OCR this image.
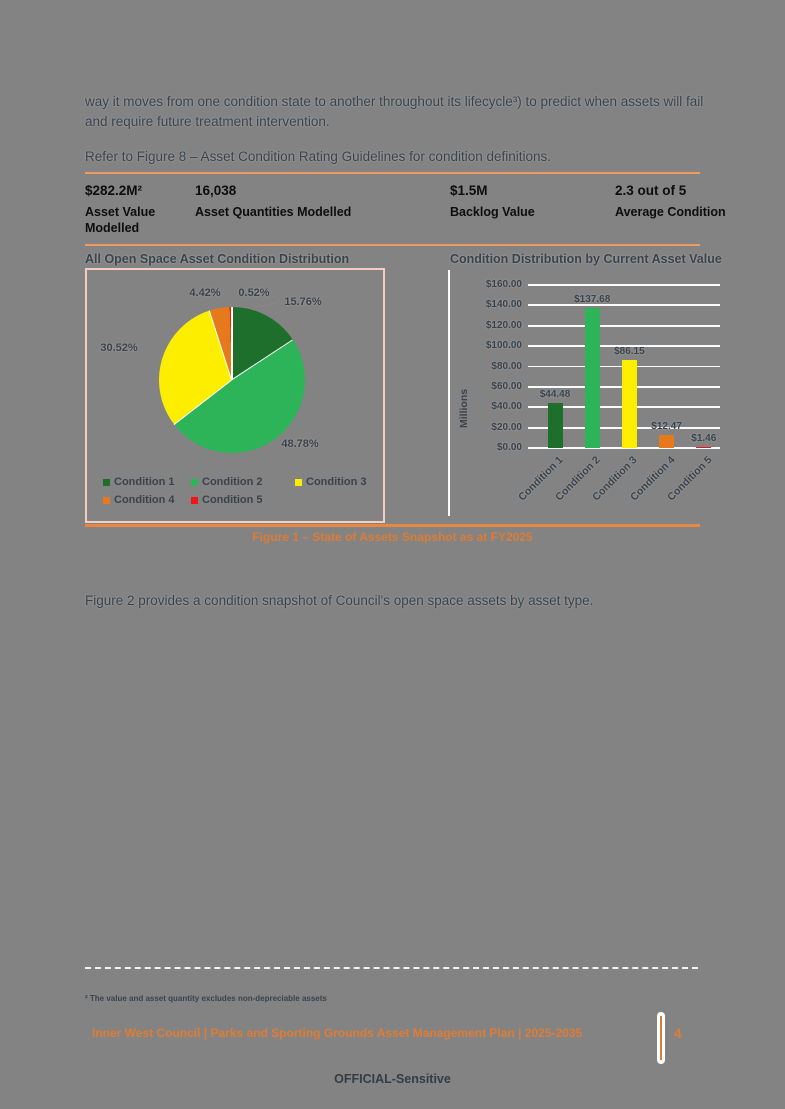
way it moves from one condition state to another throughout its lifecycle³) to predict when assets will fail and require future treatment intervention.

Refer to Figure 8 – Asset Condition Rating Guidelines for condition definitions.

$282.2M²
Asset Value Modelled
16,038
Asset Quantities Modelled
$1.5M
Backlog Value
2.3 out of 5
Average Condition
All Open Space Asset Condition Distribution	Condition Distribution by Current Asset Value
15.76%
48.78%
30.52%
4.42%	0.52%
Condition 1	Condition 2	Condition 3
Condition 4	Condition 5
Millions
$160.00
$140.00
$120.00
$100.00
$80.00
$60.00
$40.00
$20.00
$0.00
$44.48
Condition 1
$137.68
Condition 2
$86.15
Condition 3
$12.47
Condition 4
$1.46
Condition 5
Figure 1 – State of Assets Snapshot as at FY2025

Figure 2 provides a condition snapshot of Council's open space assets by asset type.

² The value and asset quantity excludes non-depreciable assets
Inner West Council | Parks and Sporting Grounds Asset Management Plan | 2025-2035	4
OFFICIAL-Sensitive
